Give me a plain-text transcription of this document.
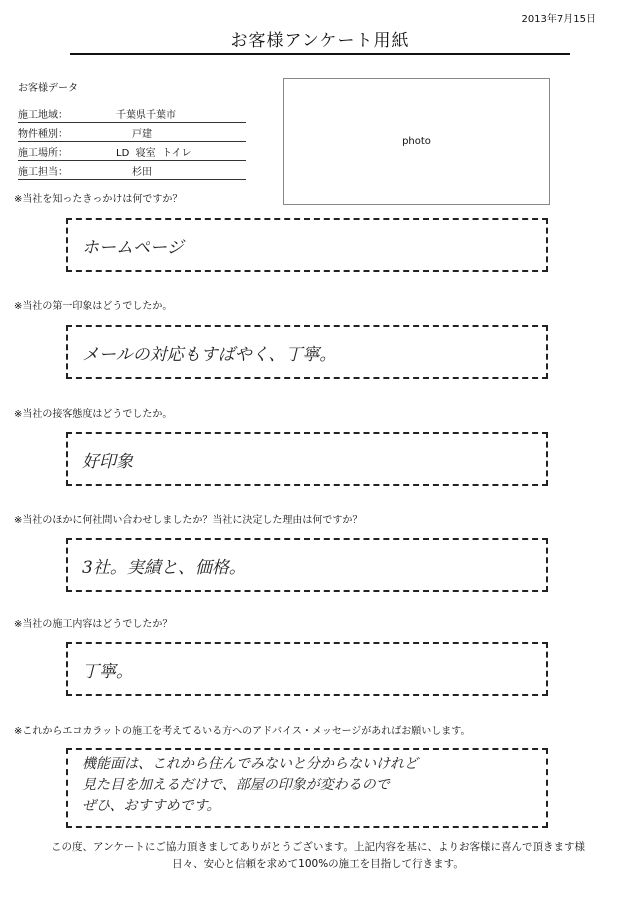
2013年7月15日
お客様アンケート用紙
お客様データ
施工地域：	千葉県千葉市
物件種別：	戸建
施工場所：	LD  寝室  トイレ
施工担当：	杉田
photo
※当社を知ったきっかけは何ですか？
ホームページ
※当社の第一印象はどうでしたか。
メールの対応もすばやく、丁寧。
※当社の接客態度はどうでしたか。
好印象
※当社のほかに何社問い合わせしましたか？当社に決定した理由は何ですか？
3社。実績と、価格。
※当社の施工内容はどうでしたか？
丁寧。
※これからエコカラットの施工を考えてるいる方へのアドバイス・メッセージがあればお願いします。
機能面は、これから住んでみないと分からないけれど
見た目を加えるだけで、部屋の印象が変わるので
ぜひ、おすすめです。
この度、アンケートにご協力頂きましてありがとうございます。上記内容を基に、よりお客様に喜んで頂きます様
日々、安心と信頼を求めて100%の施工を目指して行きます。
